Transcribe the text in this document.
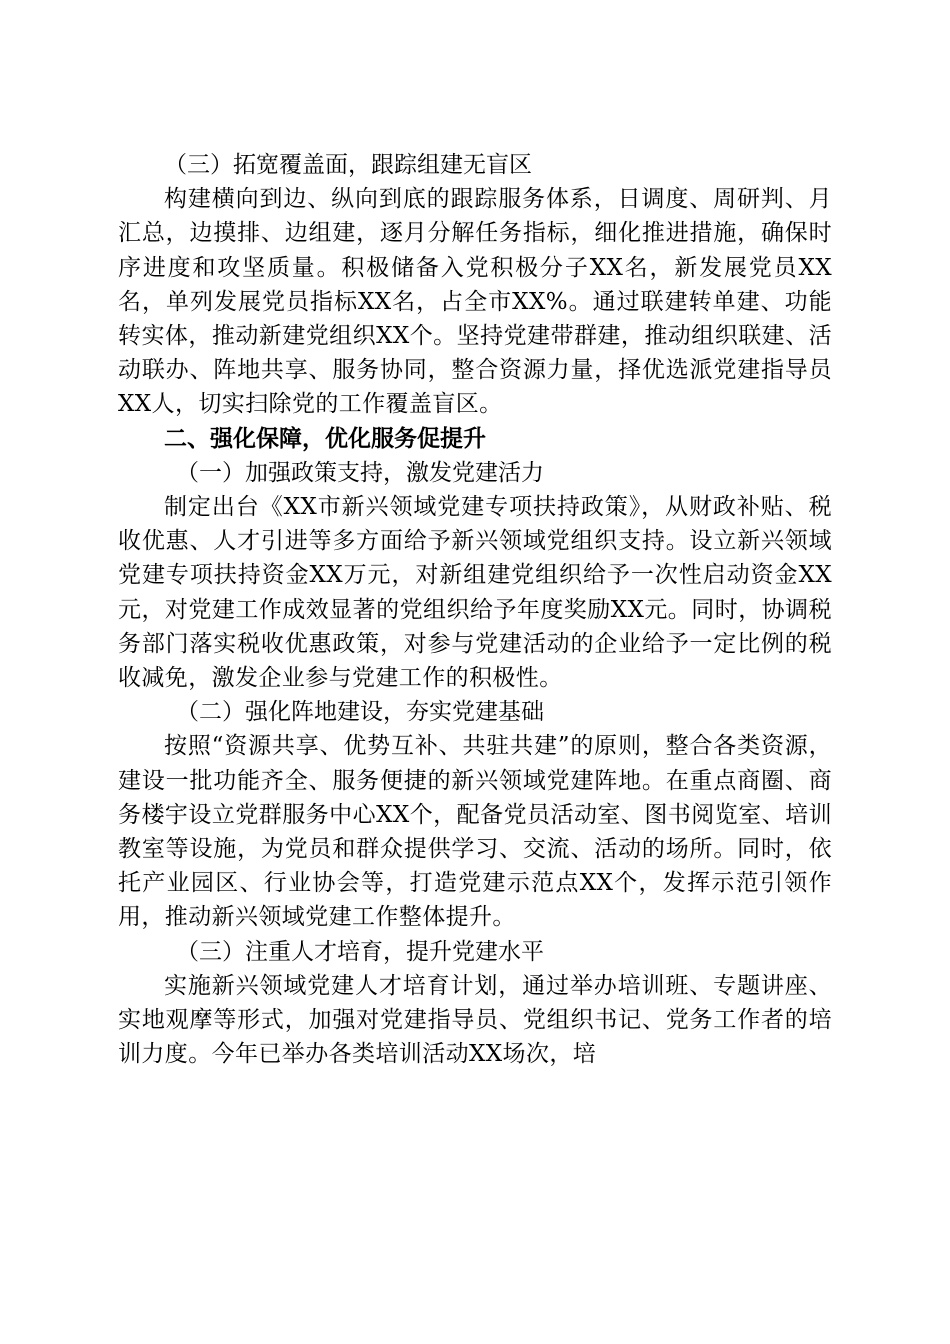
（三）拓宽覆盖面，跟踪组建无盲区

构建横向到边、纵向到底的跟踪服务体系，日调度、周研判、月汇总，边摸排、边组建，逐月分解任务指标，细化推进措施，确保时序进度和攻坚质量。积极储备入党积极分子XX名，新发展党员XX名，单列发展党员指标XX名，占全市XX%。通过联建转单建、功能转实体，推动新建党组织XX个。坚持党建带群建，推动组织联建、活动联办、阵地共享、服务协同，整合资源力量，择优选派党建指导员XX人，切实扫除党的工作覆盖盲区。

二、强化保障，优化服务促提升

（一）加强政策支持，激发党建活力

制定出台《XX市新兴领域党建专项扶持政策》，从财政补贴、税收优惠、人才引进等多方面给予新兴领域党组织支持。设立新兴领域党建专项扶持资金XX万元，对新组建党组织给予一次性启动资金XX元，对党建工作成效显著的党组织给予年度奖励XX元。同时，协调税务部门落实税收优惠政策，对参与党建活动的企业给予一定比例的税收减免，激发企业参与党建工作的积极性。

（二）强化阵地建设，夯实党建基础

按照“资源共享、优势互补、共驻共建”的原则，整合各类资源，建设一批功能齐全、服务便捷的新兴领域党建阵地。在重点商圈、商务楼宇设立党群服务中心XX个，配备党员活动室、图书阅览室、培训教室等设施，为党员和群众提供学习、交流、活动的场所。同时，依托产业园区、行业协会等，打造党建示范点XX个，发挥示范引领作用，推动新兴领域党建工作整体提升。

（三）注重人才培育，提升党建水平

实施新兴领域党建人才培育计划，通过举办培训班、专题讲座、实地观摩等形式，加强对党建指导员、党组织书记、党务工作者的培训力度。今年已举办各类培训活动XX场次，培
